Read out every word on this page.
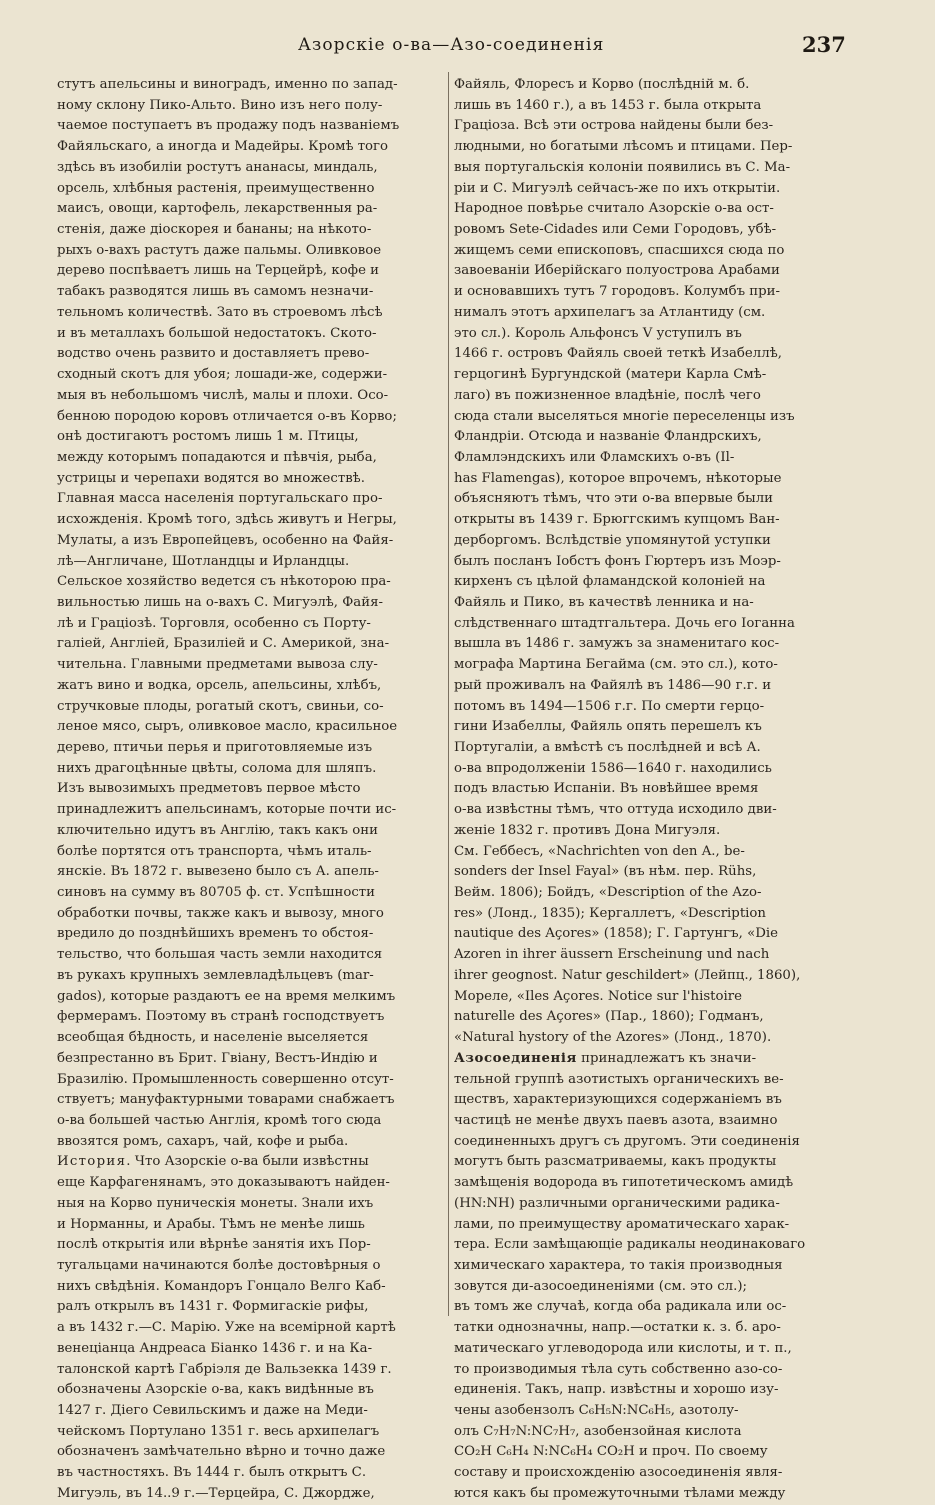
Азорскіе о-ва—Азо-соединенія	237
стутъ апельсины и виноградъ, именно по запад-
ному склону Пико-Альто. Вино изъ него полу-
чаемое поступаетъ въ продажу подъ названіемъ
Файяльскаго, а иногда и Мадейры. Кромѣ того
здѣсь въ изобиліи ростутъ ананасы, миндаль,
орсель, хлѣбныя растенія, преимущественно
маисъ, овощи, картофель, лекарственныя ра-
стенія, даже діоскорея и бананы; на нѣкото-
рыхъ о-вахъ растутъ даже пальмы. Оливковое
дерево поспѣваетъ лишь на Терцейрѣ, кофе и
табакъ разводятся лишь въ самомъ незначи-
тельномъ количествѣ. Зато въ строевомъ лѣсѣ
и въ металлахъ большой недостатокъ. Ското-
водство очень развито и доставляетъ прево-
сходный скотъ для убоя; лошади-же, содержи-
мыя въ небольшомъ числѣ, малы и плохи. Осо-
бенною породою коровъ отличается о-въ Корво;
онѣ достигаютъ ростомъ лишь 1 м. Птицы,
между которымъ попадаются и пѣвчія, рыба,
устрицы и черепахи водятся во множествѣ.
Главная масса населенія португальскаго про-
исхожденія. Кромѣ того, здѣсь живутъ и Негры,
Мулаты, а изъ Европейцевъ, особенно на Файя-
лѣ—Англичане, Шотландцы и Ирландцы.
Сельское хозяйство ведется съ нѣкоторою пра-
вильностью лишь на о-вахъ С. Мигуэлѣ, Файя-
лѣ и Граціозѣ. Торговля, особенно съ Порту-
галіей, Англіей, Бразиліей и С. Америкой, зна-
чительна. Главными предметами вывоза слу-
жатъ вино и водка, орсель, апельсины, хлѣбъ,
стручковые плоды, рогатый скотъ, свиньи, со-
леное мясо, сыръ, оливковое масло, красильное
дерево, птичьи перья и приготовляемые изъ
нихъ драгоцѣнные цвѣты, солома для шляпъ.
Изъ вывозимыхъ предметовъ первое мѣсто
принадлежитъ апельсинамъ, которые почти ис-
ключительно идутъ въ Англію, такъ какъ они
болѣе портятся отъ транспорта, чѣмъ италь-
янскіе. Въ 1872 г. вывезено было съ А. апель-
синовъ на сумму въ 80705 ф. ст. Успѣшности
обработки почвы, также какъ и вывозу, много
вредило до позднѣйшихъ временъ то обстоя-
тельство, что большая часть земли находится
въ рукахъ крупныхъ землевладѣльцевъ (mar-
gados), которые раздаютъ ее на время мелкимъ
фермерамъ. Поэтому въ странѣ господствуетъ
всеобщая бѣдность, и населеніе выселяется
безпрестанно въ Брит. Гвіану, Вестъ-Индію и
Бразилію. Промышленность совершенно отсут-
ствуетъ; мануфактурными товарами снабжаетъ
о-ва большей частью Англія, кромѣ того сюда
ввозятся ромъ, сахаръ, чай, кофе и рыба.
История. Что Азорскіе о-ва были извѣстны
еще Карфагенянамъ, это доказываютъ найден-
ныя на Корво пуническія монеты. Знали ихъ
и Норманны, и Арабы. Тѣмъ не менѣе лишь
послѣ открытія или вѣрнѣе занятія ихъ Пор-
тугальцами начинаются болѣе достовѣрныя о
нихъ свѣдѣнія. Командоръ Гонцало Велго Каб-
ралъ открылъ въ 1431 г. Формигаскіе рифы,
а въ 1432 г.—С. Марію. Уже на всемірной картѣ
венеціанца Андреаса Біанко 1436 г. и на Ка-
талонской картѣ Габріэля де Вальзекка 1439 г.
обозначены Азорскіе о-ва, какъ видѣнные въ
1427 г. Діего Севильскимъ и даже на Меди-
чейскомъ Портулано 1351 г. весь архипелагъ
обозначенъ замѣчательно вѣрно и точно даже
въ частностяхъ. Въ 1444 г. былъ открытъ С.
Мигуэль, въ 14..9 г.—Терцейра, С. Джордже,
Файяль, Флоресъ и Корво (послѣдній м. б.
лишь въ 1460 г.), а въ 1453 г. была открыта
Граціоза. Всѣ эти острова найдены были без-
людными, но богатыми лѣсомъ и птицами. Пер-
выя португальскія колоніи появились въ С. Ма-
ріи и С. Мигуэлѣ сейчасъ-же по ихъ открытіи.
Народное повѣрье считало Азорскіе о-ва ост-
ровомъ Sete-Cidades или Семи Городовъ, убѣ-
жищемъ семи епископовъ, спасшихся сюда по
завоеваніи Иберійскаго полуострова Арабами
и основавшихъ тутъ 7 городовъ. Колумбъ при-
нималъ этотъ архипелагъ за Атлантиду (см.
это сл.). Король Альфонсъ V уступилъ въ
1466 г. островъ Файяль своей теткѣ Изабеллѣ,
герцогинѣ Бургундской (матери Карла Смѣ-
лаго) въ пожизненное владѣніе, послѣ чего
сюда стали выселяться многіе переселенцы изъ
Фландріи. Отсюда и названіе Фландрскихъ,
Фламлэндскихъ или Фламскихъ о-въ (Il-
has Flamengas), которое впрочемъ, нѣкоторые
объясняютъ тѣмъ, что эти о-ва впервые были
открыты въ 1439 г. Брюггскимъ купцомъ Ван-
дерборгомъ. Вслѣдствіе упомянутой уступки
былъ посланъ Іобстъ фонъ Гюртеръ изъ Моэр-
кирхенъ съ цѣлой фламандской колоніей на
Файяль и Пико, въ качествѣ ленника и на-
слѣдственнаго штадтгальтера. Дочь его Іоганна
вышла въ 1486 г. замужъ за знаменитаго кос-
мографа Мартина Бегайма (см. это сл.), кото-
рый проживалъ на Файялѣ въ 1486—90 г.г. и
потомъ въ 1494—1506 г.г. По смерти герцо-
гини Изабеллы, Файяль опять перешелъ къ
Португаліи, а вмѣстѣ съ послѣдней и всѣ А.
о-ва впродолженіи 1586—1640 г. находились
подъ властью Испаніи. Въ новѣйшее время
о-ва извѣстны тѣмъ, что оттуда исходило дви-
женіе 1832 г. противъ Дона Мигуэля.
См. Геббесъ, «Nachrichten von den A., be-
sonders der Insel Fayal» (въ нѣм. пер. Rühs,
Вейм. 1806); Бойдъ, «Description of the Azo-
res» (Лонд., 1835); Кергаллетъ, «Description
nautique des Açores» (1858); Г. Гартунгъ, «Die
Azoren in ihrer äussern Erscheinung und nach
ihrer geognost. Natur geschildert» (Лейпц., 1860),
Мореле, «Iles Açores. Notice sur l'histoire
naturelle des Açores» (Пар., 1860); Годманъ,
«Natural hystory of the Azores» (Лонд., 1870).
Азосоединенія принадлежатъ къ значи-
тельной группѣ азотистыхъ органическихъ ве-
ществъ, характеризующихся содержаніемъ въ
частицѣ не менѣе двухъ паевъ азота, взаимно
соединенныхъ другъ съ другомъ. Эти соединенія
могутъ быть разсматриваемы, какъ продукты
замѣщенія водорода въ гипотетическомъ амидѣ
(HN:NH) различными органическими радика-
лами, по преимуществу ароматическаго харак-
тера. Если замѣщающіе радикалы неодинаковаго
химическаго характера, то такія производныя
зовутся ди-азосоединеніями (см. это сл.);
въ томъ же случаѣ, когда оба радикала или ос-
татки однозначны, напр.—остатки к. з. б. аро-
матическаго углеводорода или кислоты, и т. п.,
то производимыя тѣла суть собственно азо-со-
единенія. Такъ, напр. извѣстны и хорошо изу-
чены азобензолъ C₆H₅N:NC₆H₅, азотолу-
олъ C₇H₇N:NC₇H₇, азобензойная кислота
CO₂H C₆H₄ N:NC₆H₄ CO₂H и проч. По своему
составу и происхожденію азосоединенія явля-
ются какъ бы промежуточными тѣлами между
